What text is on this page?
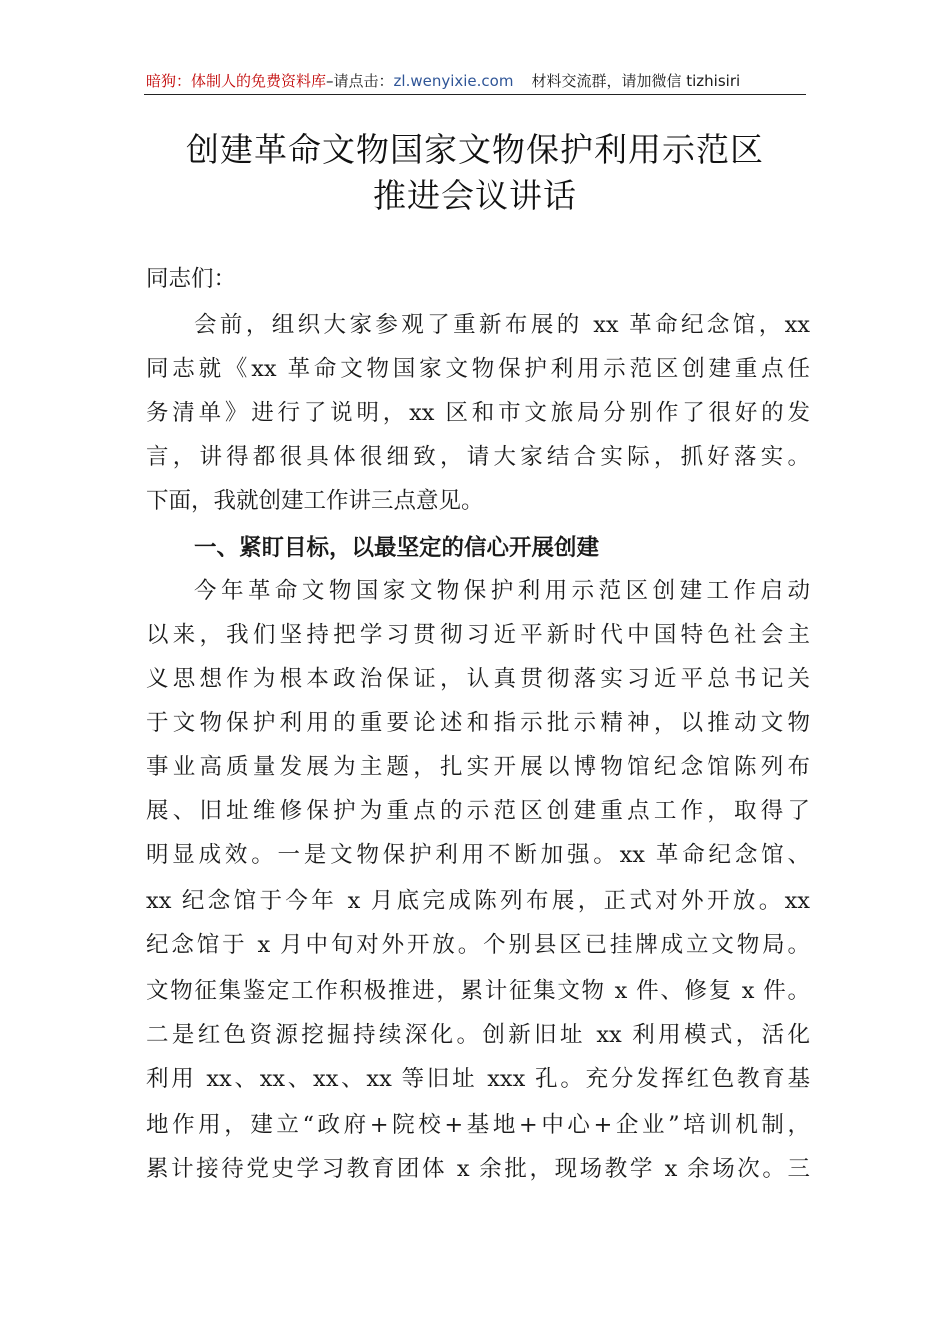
暗狗：体制人的免费资料库–请点击：zl.wenyixie.com 材料交流群，请加微信 tizhisiri
创建革命文物国家文物保护利用示范区
推进会议讲话
同志们：
会前，组织大家参观了重新布展的 xx 革命纪念馆，xx
同志就《xx 革命文物国家文物保护利用示范区创建重点任
务清单》进行了说明，xx 区和市文旅局分别作了很好的发
言，讲得都很具体很细致，请大家结合实际，抓好落实。
下面，我就创建工作讲三点意见。
一、紧盯目标，以最坚定的信心开展创建
今年革命文物国家文物保护利用示范区创建工作启动
以来，我们坚持把学习贯彻习近平新时代中国特色社会主
义思想作为根本政治保证，认真贯彻落实习近平总书记关
于文物保护利用的重要论述和指示批示精神，以推动文物
事业高质量发展为主题，扎实开展以博物馆纪念馆陈列布
展、旧址维修保护为重点的示范区创建重点工作，取得了
明显成效。一是文物保护利用不断加强。xx 革命纪念馆、
xx 纪念馆于今年 x 月底完成陈列布展，正式对外开放。xx
纪念馆于 x 月中旬对外开放。个别县区已挂牌成立文物局。
文物征集鉴定工作积极推进，累计征集文物 x 件、修复 x 件。
二是红色资源挖掘持续深化。创新旧址 xx 利用模式，活化
利用 xx、xx、xx、xx 等旧址 xxx 孔。充分发挥红色教育基
地作用，建立“政府+院校+基地+中心+企业”培训机制，
累计接待党史学习教育团体 x 余批，现场教学 x 余场次。三
